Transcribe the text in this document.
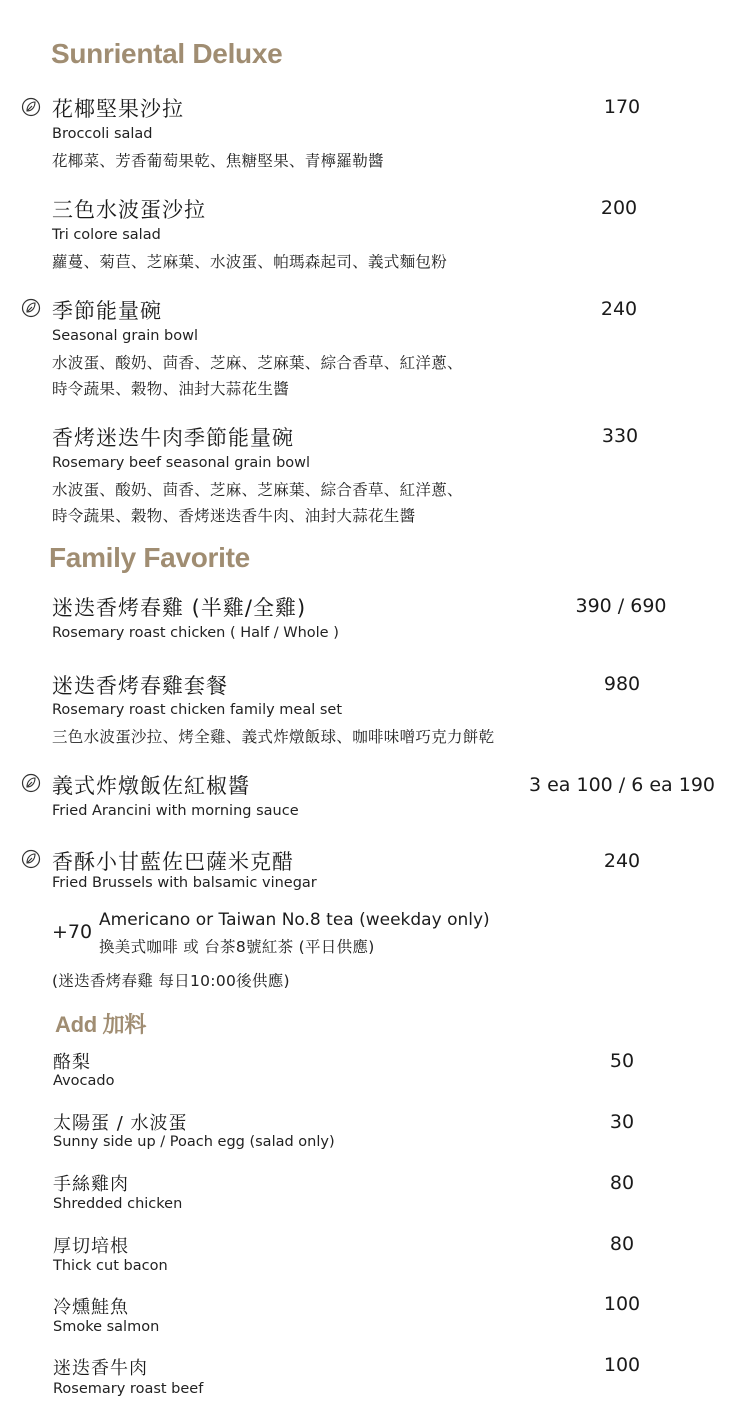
Sunriental Deluxe
Family Favorite
Add 加料
花椰堅果沙拉	170
Broccoli salad
花椰菜、芳香葡萄果乾、焦糖堅果、青檸羅勒醬
三色水波蛋沙拉	200
Tri colore salad
蘿蔓、菊苣、芝麻葉、水波蛋、帕瑪森起司、義式麵包粉
季節能量碗	240
Seasonal grain bowl
水波蛋、酸奶、茴香、芝麻、芝麻葉、綜合香草、紅洋蔥、
時令蔬果、穀物、油封大蒜花生醬
香烤迷迭牛肉季節能量碗	330
Rosemary beef seasonal grain bowl
水波蛋、酸奶、茴香、芝麻、芝麻葉、綜合香草、紅洋蔥、
時令蔬果、穀物、香烤迷迭香牛肉、油封大蒜花生醬
迷迭香烤春雞 (半雞/全雞)	390 / 690
Rosemary roast chicken ( Half / Whole )
迷迭香烤春雞套餐	980
Rosemary roast chicken family meal set
三色水波蛋沙拉、烤全雞、義式炸燉飯球、咖啡味噌巧克力餅乾
義式炸燉飯佐紅椒醬	3 ea 100 / 6 ea 190
Fried Arancini with morning sauce
香酥小甘藍佐巴薩米克醋	240
Fried Brussels with balsamic vinegar
+70
Americano or Taiwan No.8 tea (weekday only)
換美式咖啡 或 台茶8號紅茶 (平日供應)
(迷迭香烤春雞 每日10:00後供應)
酪梨	50
Avocado
太陽蛋 / 水波蛋	30
Sunny side up / Poach egg (salad only)
手絲雞肉	80
Shredded chicken
厚切培根	80
Thick cut bacon
冷燻鮭魚	100
Smoke salmon
迷迭香牛肉	100
Rosemary roast beef
